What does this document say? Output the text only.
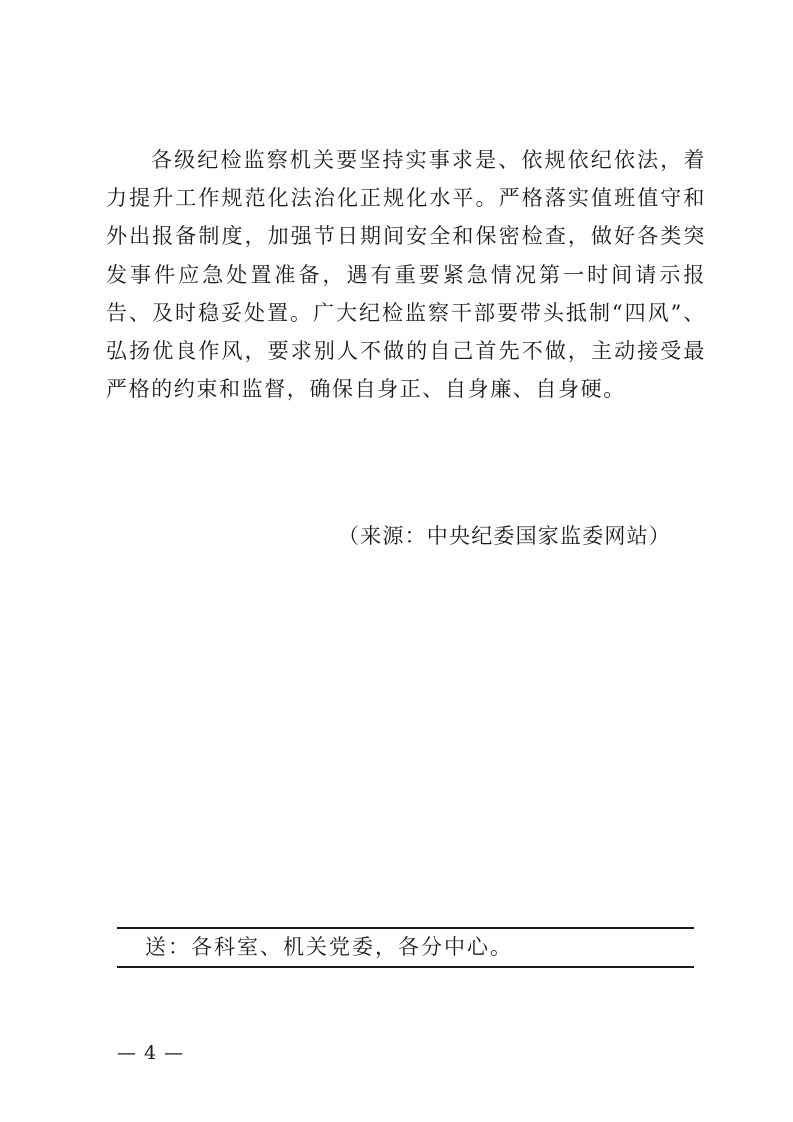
各级纪检监察机关要坚持实事求是、依规依纪依法，着力提升工作规范化法治化正规化水平。严格落实值班值守和外出报备制度，加强节日期间安全和保密检查，做好各类突发事件应急处置准备，遇有重要紧急情况第一时间请示报告、及时稳妥处置。广大纪检监察干部要带头抵制“四风”、弘扬优良作风，要求别人不做的自己首先不做，主动接受最严格的约束和监督，确保自身正、自身廉、自身硬。

（来源：中央纪委国家监委网站）

送：各科室、机关党委，各分中心。

— 4 —
